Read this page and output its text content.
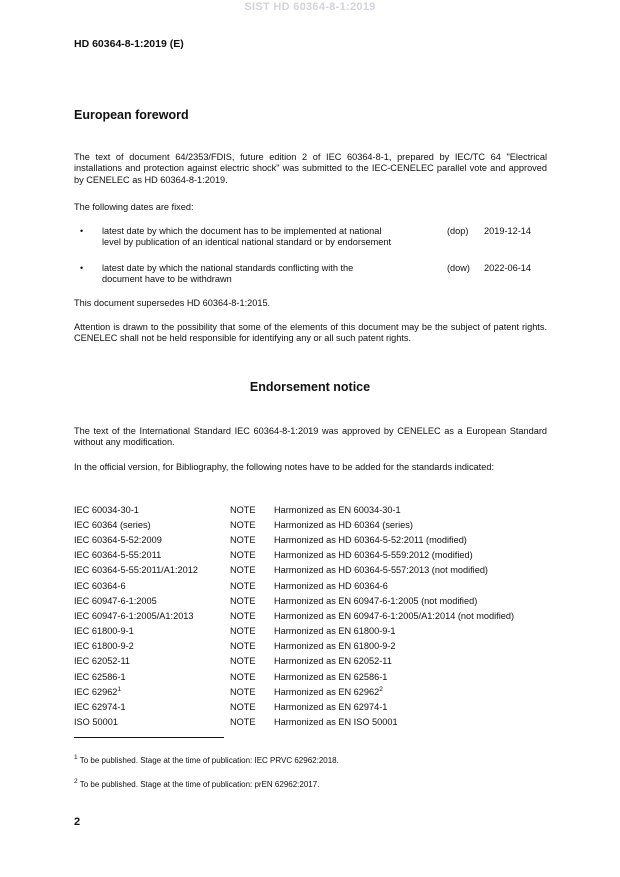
SIST HD 60364-8-1:2019
HD 60364-8-1:2019 (E)
European foreword
The text of document 64/2353/FDIS, future edition 2 of IEC 60364-8-1, prepared by IEC/TC 64 "Electrical installations and protection against electric shock" was submitted to the IEC-CENELEC parallel vote and approved by CENELEC as HD 60364-8-1:2019.
The following dates are fixed:
• latest date by which the document has to be implemented at national
level by publication of an identical national standard or by endorsement
(dop) 2019-12-14
• latest date by which the national standards conflicting with the
document have to be withdrawn
(dow) 2022-06-14
This document supersedes HD 60364-8-1:2015.
Attention is drawn to the possibility that some of the elements of this document may be the subject of patent rights. CENELEC shall not be held responsible for identifying any or all such patent rights.
Endorsement notice
The text of the International Standard IEC 60364-8-1:2019 was approved by CENELEC as a European Standard without any modification.
In the official version, for Bibliography, the following notes have to be added for the standards indicated:
IEC 60034-30-1	NOTE	Harmonized as EN 60034-30-1
IEC 60364 (series)	NOTE	Harmonized as HD 60364 (series)
IEC 60364-5-52:2009	NOTE	Harmonized as HD 60364-5-52:2011 (modified)
IEC 60364-5-55:2011	NOTE	Harmonized as HD 60364-5-559:2012 (modified)
IEC 60364-5-55:2011/A1:2012	NOTE	Harmonized as HD 60364-5-557:2013 (not modified)
IEC 60364-6	NOTE	Harmonized as HD 60364-6
IEC 60947-6-1:2005	NOTE	Harmonized as EN 60947-6-1:2005 (not modified)
IEC 60947-6-1:2005/A1:2013	NOTE	Harmonized as EN 60947-6-1:2005/A1:2014 (not modified)
IEC 61800-9-1	NOTE	Harmonized as EN 61800-9-1
IEC 61800-9-2	NOTE	Harmonized as EN 61800-9-2
IEC 62052-11	NOTE	Harmonized as EN 62052-11
IEC 62586-1	NOTE	Harmonized as EN 62586-1
IEC 62962$^1$	NOTE	Harmonized as EN 62962$^2$
IEC 62974-1	NOTE	Harmonized as EN 62974-1
ISO 50001	NOTE	Harmonized as EN ISO 50001
$^1$ To be published. Stage at the time of publication: IEC PRVC 62962:2018.
$^2$ To be published. Stage at the time of publication: prEN 62962:2017.
2
